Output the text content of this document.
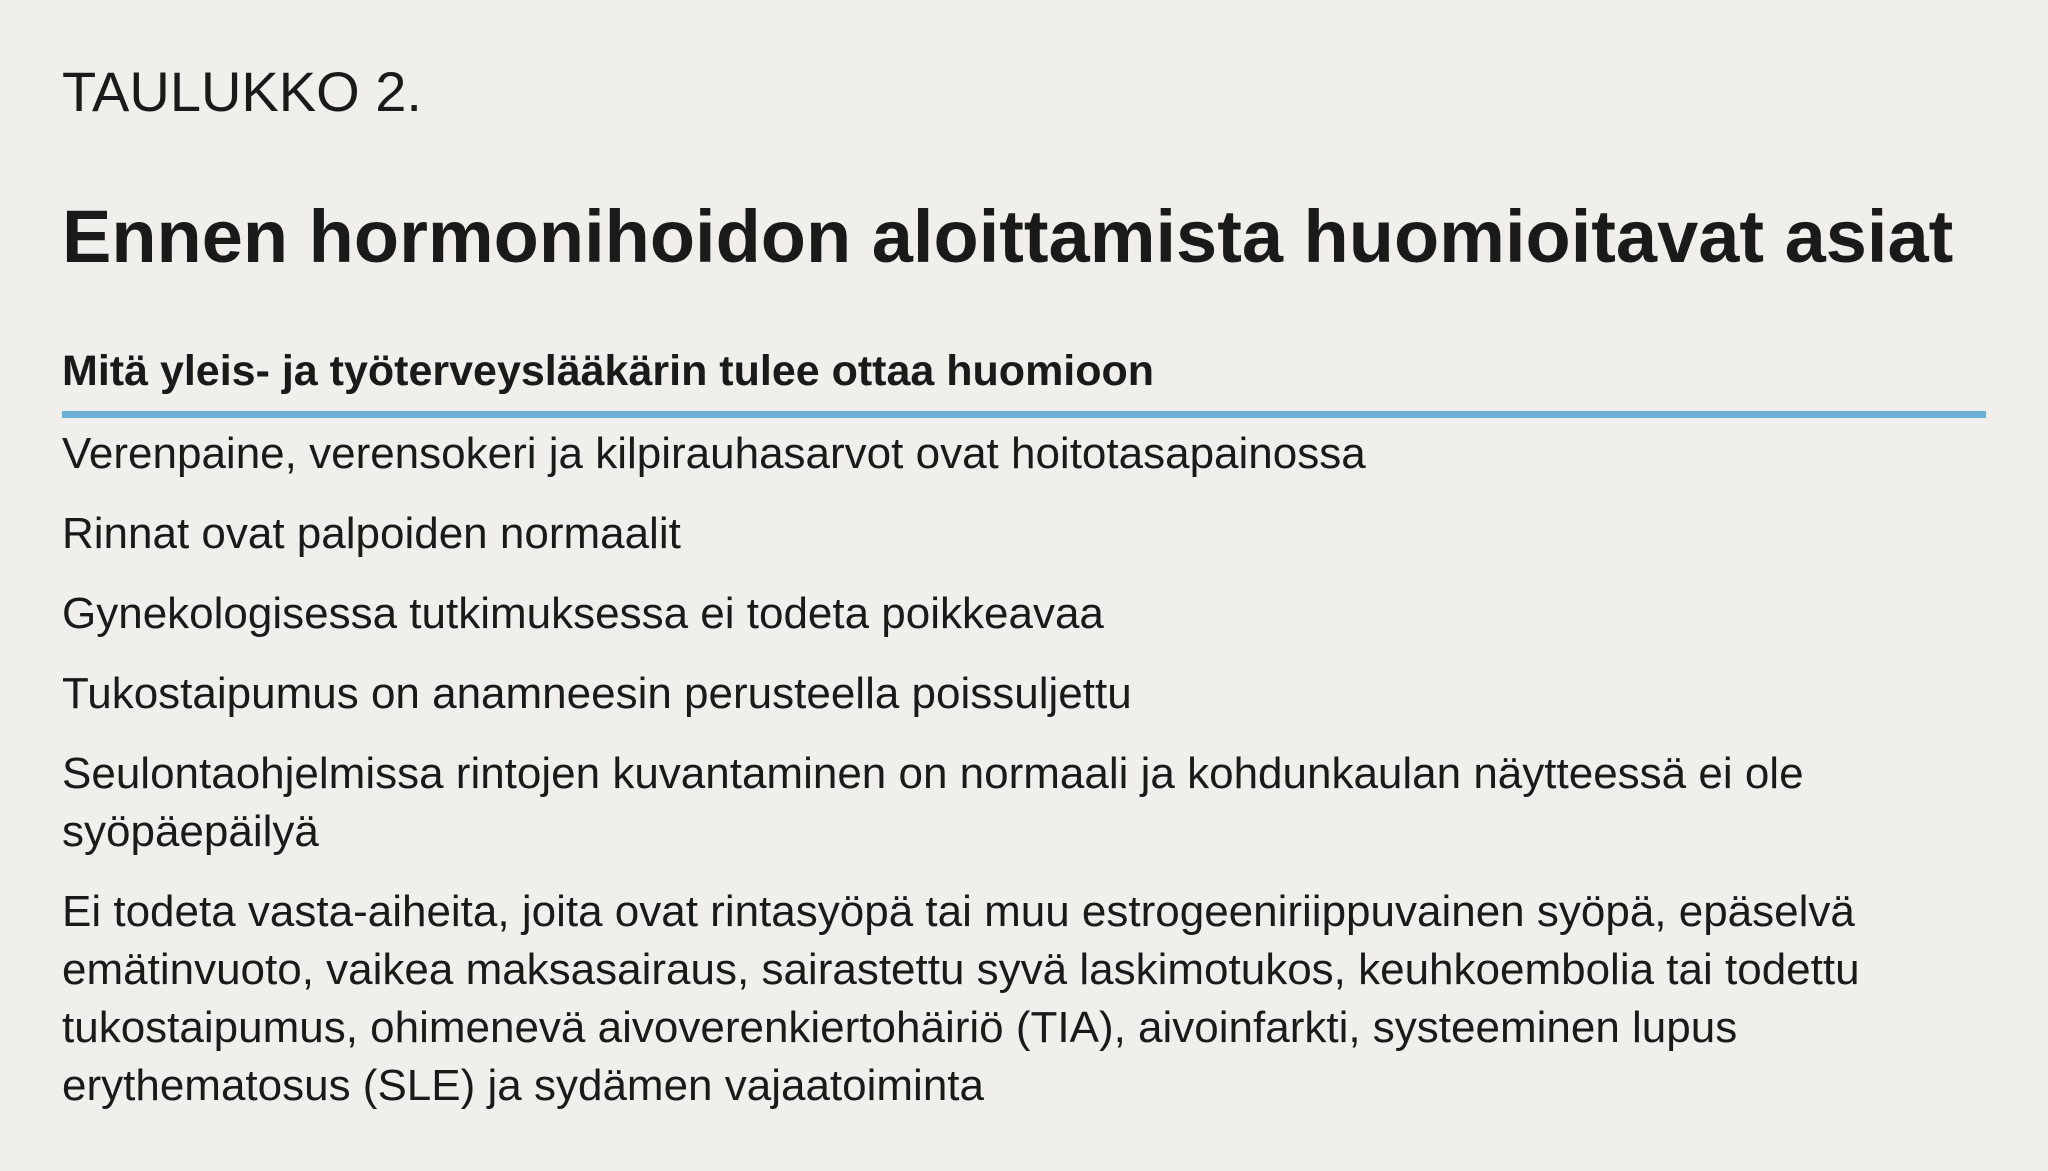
TAULUKKO 2.
Ennen hormonihoidon aloittamista huomioitavat asiat
Mitä yleis- ja työterveyslääkärin tulee ottaa huomioon

Verenpaine, verensokeri ja kilpirauhasarvot ovat hoitotasapainossa

Rinnat ovat palpoiden normaalit

Gynekologisessa tutkimuksessa ei todeta poikkeavaa

Tukostaipumus on anamneesin perusteella poissuljettu

Seulontaohjelmissa rintojen kuvantaminen on normaali ja kohdunkaulan näytteessä ei ole syöpäepäilyä

Ei todeta vasta-aiheita, joita ovat rintasyöpä tai muu estrogeeniriippuvainen syöpä, epäselvä emätinvuoto, vaikea maksasairaus, sairastettu syvä laskimotukos, keuhkoembolia tai todettu tukostaipumus, ohimenevä aivoverenkiertohäiriö (TIA), aivoinfarkti, systeeminen lupus erythematosus (SLE) ja sydämen vajaatoiminta
